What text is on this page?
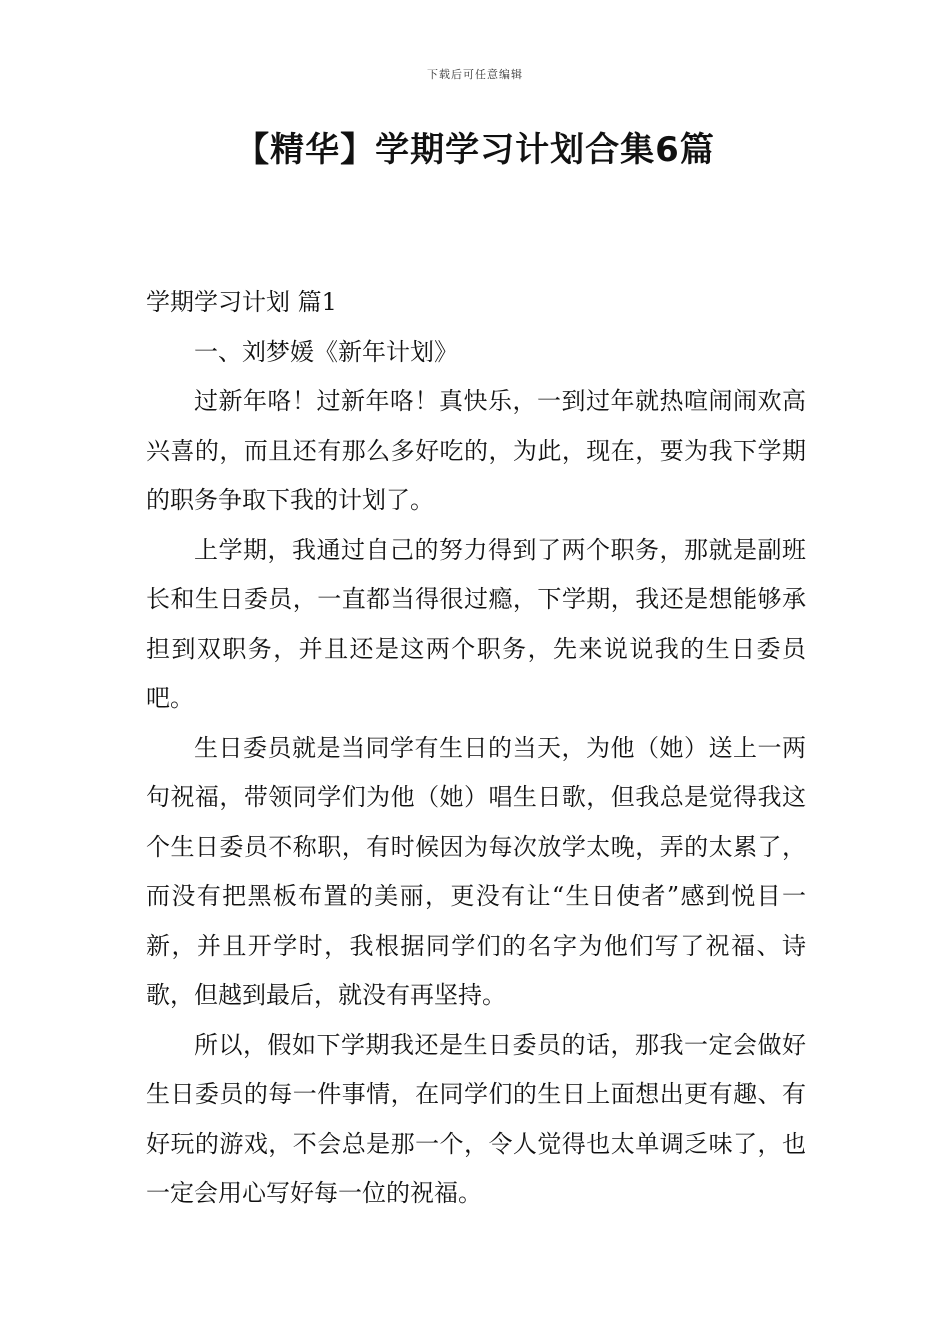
下载后可任意编辑
【精华】学期学习计划合集6篇
学期学习计划 篇1

一、刘梦媛《新年计划》

过新年咯！过新年咯！真快乐，一到过年就热喧闹闹欢高兴喜的，而且还有那么多好吃的，为此，现在，要为我下学期的职务争取下我的计划了。

上学期，我通过自己的努力得到了两个职务，那就是副班长和生日委员，一直都当得很过瘾，下学期，我还是想能够承担到双职务，并且还是这两个职务，先来说说我的生日委员吧。

生日委员就是当同学有生日的当天，为他（她）送上一两句祝福，带领同学们为他（她）唱生日歌，但我总是觉得我这个生日委员不称职，有时候因为每次放学太晚，弄的太累了，而没有把黑板布置的美丽，更没有让“生日使者”感到悦目一新，并且开学时，我根据同学们的名字为他们写了祝福、诗歌，但越到最后，就没有再坚持。

所以，假如下学期我还是生日委员的话，那我一定会做好生日委员的每一件事情，在同学们的生日上面想出更有趣、有好玩的游戏，不会总是那一个，令人觉得也太单调乏味了，也一定会用心写好每一位的祝福。
